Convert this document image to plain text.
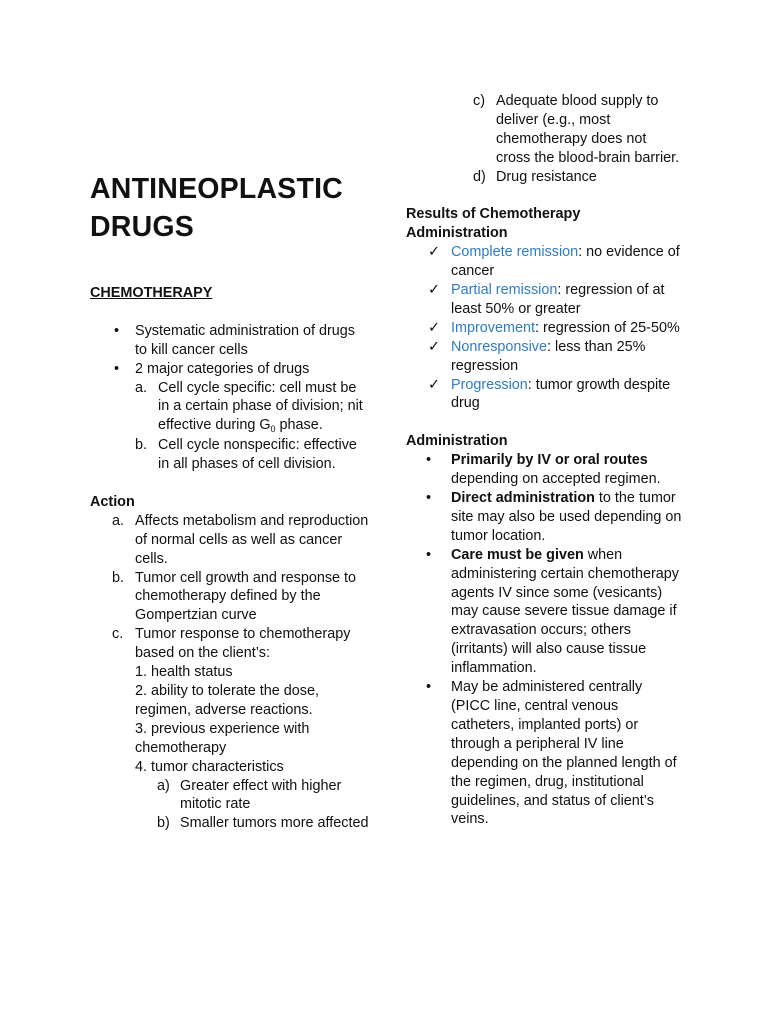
ANTINEOPLASTIC
DRUGS
CHEMOTHERAPY
•	Systematic administration of drugs to kill cancer cells
•	2 major categories of drugs
a. Cell cycle specific: cell must be in a certain phase of division; nit effective during $G_0$ phase.
b. Cell cycle nonspecific: effective in all phases of cell division.
Action
a. Affects metabolism and reproduction of normal cells as well as cancer cells.
b. Tumor cell growth and response to chemotherapy defined by the Gompertzian curve
c. Tumor response to chemotherapy based on the client’s:
1. health status
2. ability to tolerate the dose, regimen, adverse reactions.
3. previous experience with chemotherapy
4. tumor characteristics
a) Greater effect with higher mitotic rate
b) Smaller tumors more affected
c) Adequate blood supply to deliver (e.g., most chemotherapy does not cross the blood-brain barrier.
d) Drug resistance
Results of Chemotherapy Administration
✓ Complete remission: no evidence of cancer
✓ Partial remission: regression of at least 50% or greater
✓ Improvement: regression of 25-50%
✓ Nonresponsive: less than 25% regression
✓ Progression: tumor growth despite drug
Administration
•	Primarily by IV or oral routes depending on accepted regimen.
•	Direct administration to the tumor site may also be used depending on tumor location.
•	Care must be given when administering certain chemotherapy agents IV since some (vesicants) may cause severe tissue damage if extravasation occurs; others (irritants) will also cause tissue inflammation.
•	May be administered centrally (PICC line, central venous catheters, implanted ports) or through a peripheral IV line depending on the planned length of the regimen, drug, institutional guidelines, and status of client’s veins.
